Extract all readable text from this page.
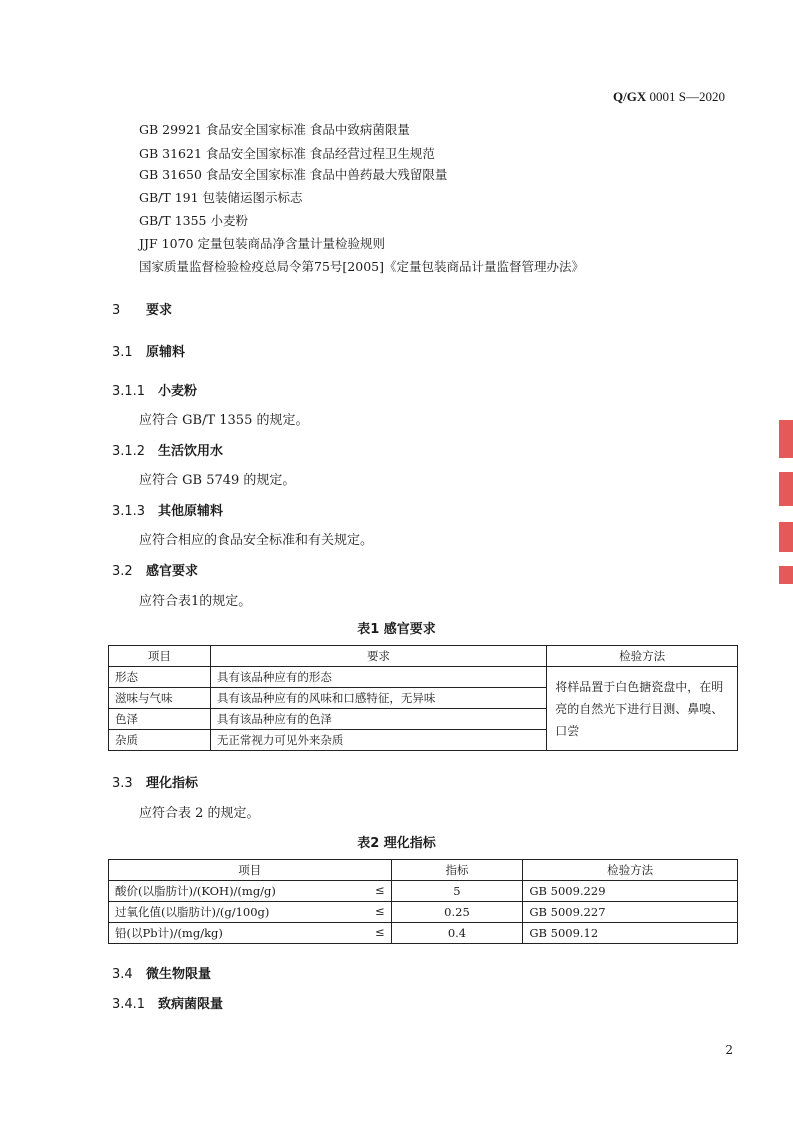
Q/GX 0001 S—2020
GB 29921 食品安全国家标准 食品中致病菌限量
GB 31621 食品安全国家标准 食品经营过程卫生规范
GB 31650 食品安全国家标准 食品中兽药最大残留限量
GB/T 191 包装储运图示标志
GB/T 1355 小麦粉
JJF 1070 定量包装商品净含量计量检验规则
国家质量监督检验检疫总局令第75号[2005]《定量包装商品计量监督管理办法》
3 要求
3.1 原辅料
3.1.1 小麦粉
应符合 GB/T 1355 的规定。
3.1.2 生活饮用水
应符合 GB 5749 的规定。
3.1.3 其他原辅料
应符合相应的食品安全标准和有关规定。
3.2 感官要求
应符合表1的规定。
表1 感官要求
项目	要求	检验方法
形态	具有该品种应有的形态	将样品置于白色搪瓷盘中，在明亮的自然光下进行目测、鼻嗅、口尝
滋味与气味	具有该品种应有的风味和口感特征，无异味	
色泽	具有该品种应有的色泽	
杂质	无正常视力可见外来杂质	
3.3 理化指标
应符合表 2 的规定。
表2 理化指标
项目	指标	检验方法
酸价(以脂肪计)/(KOH)/(mg/g) ≤	5	GB 5009.229
过氧化值(以脂肪计)/(g/100g) ≤	0.25	GB 5009.227
铅(以Pb计)/(mg/kg) ≤	0.4	GB 5009.12
3.4 微生物限量
3.4.1 致病菌限量
2
